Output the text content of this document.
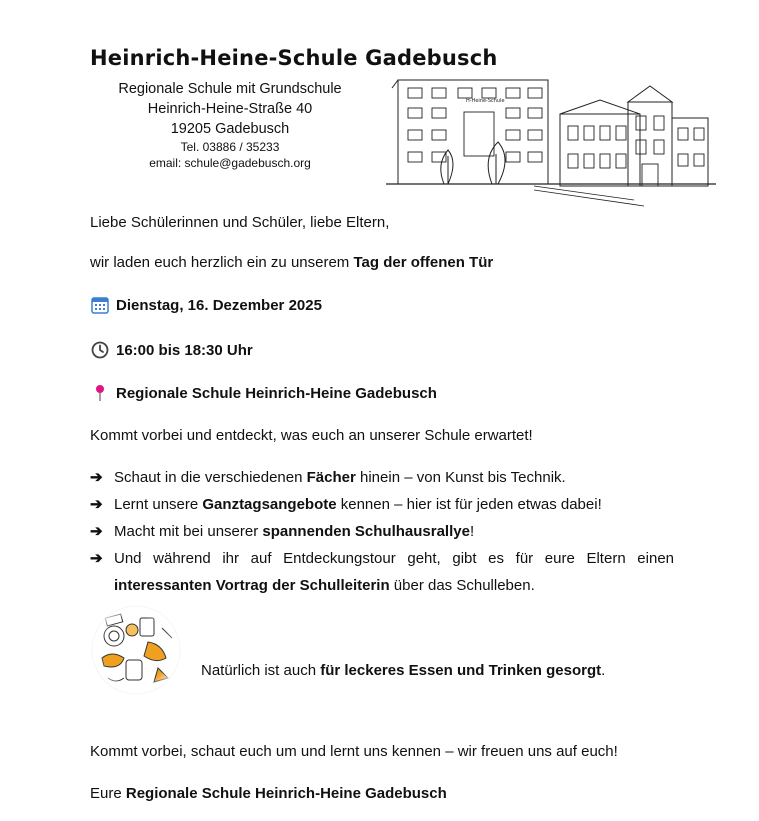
Heinrich-Heine-Schule Gadebusch
Regionale Schule mit Grundschule
Heinrich-Heine-Straße 40
19205 Gadebusch
Tel. 03886 / 35233
email: schule@gadebusch.org
H-Heine-Schule
Liebe Schülerinnen und Schüler, liebe Eltern,
wir laden euch herzlich ein zu unserem Tag der offenen Tür
Dienstag, 16. Dezember 2025
16:00 bis 18:30 Uhr
Regionale Schule Heinrich-Heine Gadebusch
Kommt vorbei und entdeckt, was euch an unserer Schule erwartet!
➔ Schaut in die verschiedenen Fächer hinein – von Kunst bis Technik.
➔ Lernt unsere Ganztagsangebote kennen – hier ist für jeden etwas dabei!
➔ Macht mit bei unserer spannenden Schulhausrallye!
➔ Und während ihr auf Entdeckungstour geht, gibt es für eure Eltern einen interessanten Vortrag der Schulleiterin über das Schulleben.
Natürlich ist auch für leckeres Essen und Trinken gesorgt.
Kommt vorbei, schaut euch um und lernt uns kennen – wir freuen uns auf euch!
Eure Regionale Schule Heinrich-Heine Gadebusch
